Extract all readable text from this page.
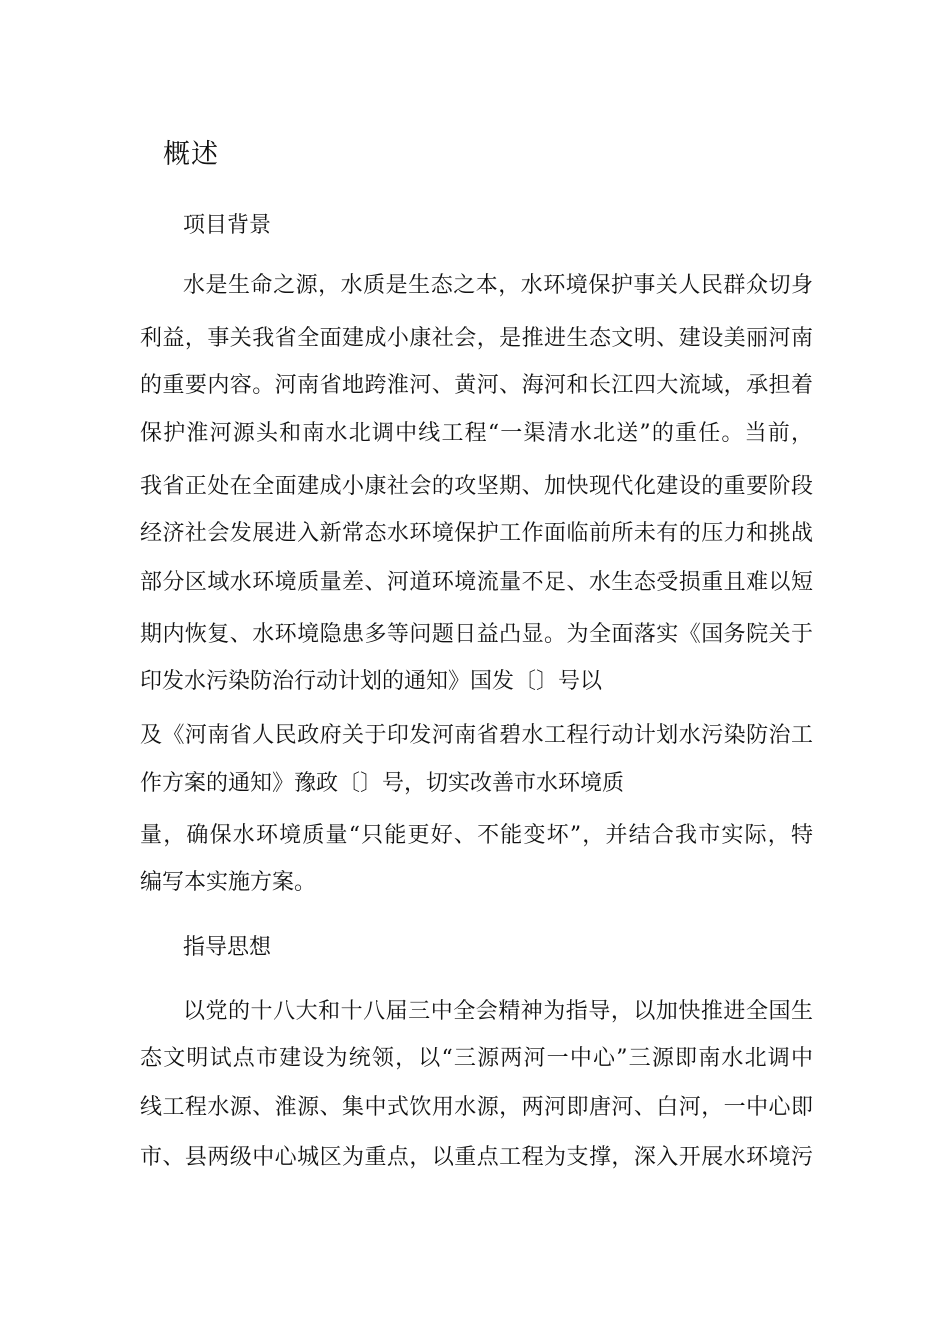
概述
项目背景
水是生命之源，水质是生态之本，水环境保护事关人民群众切身
利益，事关我省全面建成小康社会，是推进生态文明、建设美丽河南
的重要内容。河南省地跨淮河、黄河、海河和长江四大流域，承担着
保护淮河源头和南水北调中线工程“一渠清水北送”的重任。当前，
我省正处在全面建成小康社会的攻坚期、加快现代化建设的重要阶段
经济社会发展进入新常态水环境保护工作面临前所未有的压力和挑战
部分区域水环境质量差、河道环境流量不足、水生态受损重且难以短
期内恢复、水环境隐患多等问题日益凸显。为全面落实《国务院关于
印发水污染防治行动计划的通知》国发〔〕号以
及《河南省人民政府关于印发河南省碧水工程行动计划水污染防治工
作方案的通知》豫政〔〕号，切实改善市水环境质
量，确保水环境质量“只能更好、不能变坏”，并结合我市实际，特
编写本实施方案。
指导思想
以党的十八大和十八届三中全会精神为指导，以加快推进全国生
态文明试点市建设为统领，以“三源两河一中心”三源即南水北调中
线工程水源、淮源、集中式饮用水源，两河即唐河、白河，一中心即
市、县两级中心城区为重点，以重点工程为支撑，深入开展水环境污
